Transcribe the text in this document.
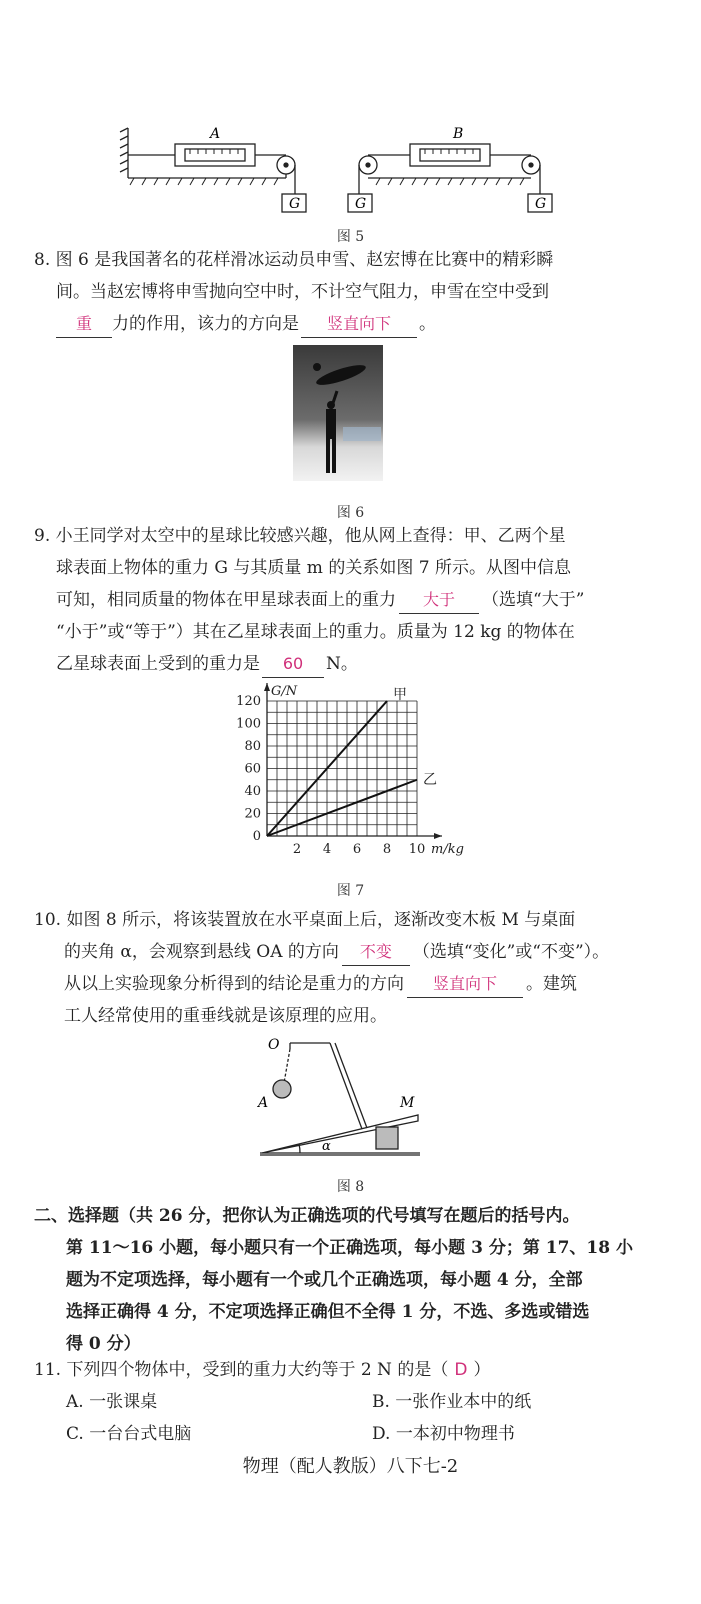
A	B
G	G	G
图 5
8. 图 6 是我国著名的花样滑冰运动员申雪、赵宏博在比赛中的精彩瞬
间。当赵宏博将申雪抛向空中时，不计空气阻力，申雪在空中受到
重 力的作用，该力的方向是 竖直向下 。
图 6
9. 小王同学对太空中的星球比较感兴趣，他从网上查得：甲、乙两个星
球表面上物体的重力 G 与其质量 m 的关系如图 7 所示。从图中信息
可知，相同质量的物体在甲星球表面上的重力 大于 （选填“大于”
“小于”或“等于”）其在乙星球表面上的重力。质量为 12 kg 的物体在
乙星球表面上受到的重力是 60 N。
0
20
40
60
80
100
120
2 4 6 8 10
G/N
m/kg
甲
乙
图 7
10. 如图 8 所示，将该装置放在水平桌面上后，逐渐改变木板 M 与桌面
的夹角 α，会观察到悬线 OA 的方向 不变 （选填“变化”或“不变”）。
从以上实验现象分析得到的结论是重力的方向 竖直向下 。建筑
工人经常使用的重垂线就是该原理的应用。
O
A	M
α
图 8
二、选择题（共 26 分，把你认为正确选项的代号填写在题后的括号内。
第 11～16 小题，每小题只有一个正确选项，每小题 3 分；第 17、18 小
题为不定项选择，每小题有一个或几个正确选项，每小题 4 分，全部
选择正确得 4 分，不定项选择正确但不全得 1 分，不选、多选或错选
得 0 分）
11. 下列四个物体中，受到的重力大约等于 2 N 的是（ D ）
A. 一张课桌	B. 一张作业本中的纸
C. 一台台式电脑	D. 一本初中物理书
物理（配人教版）八下七-2
